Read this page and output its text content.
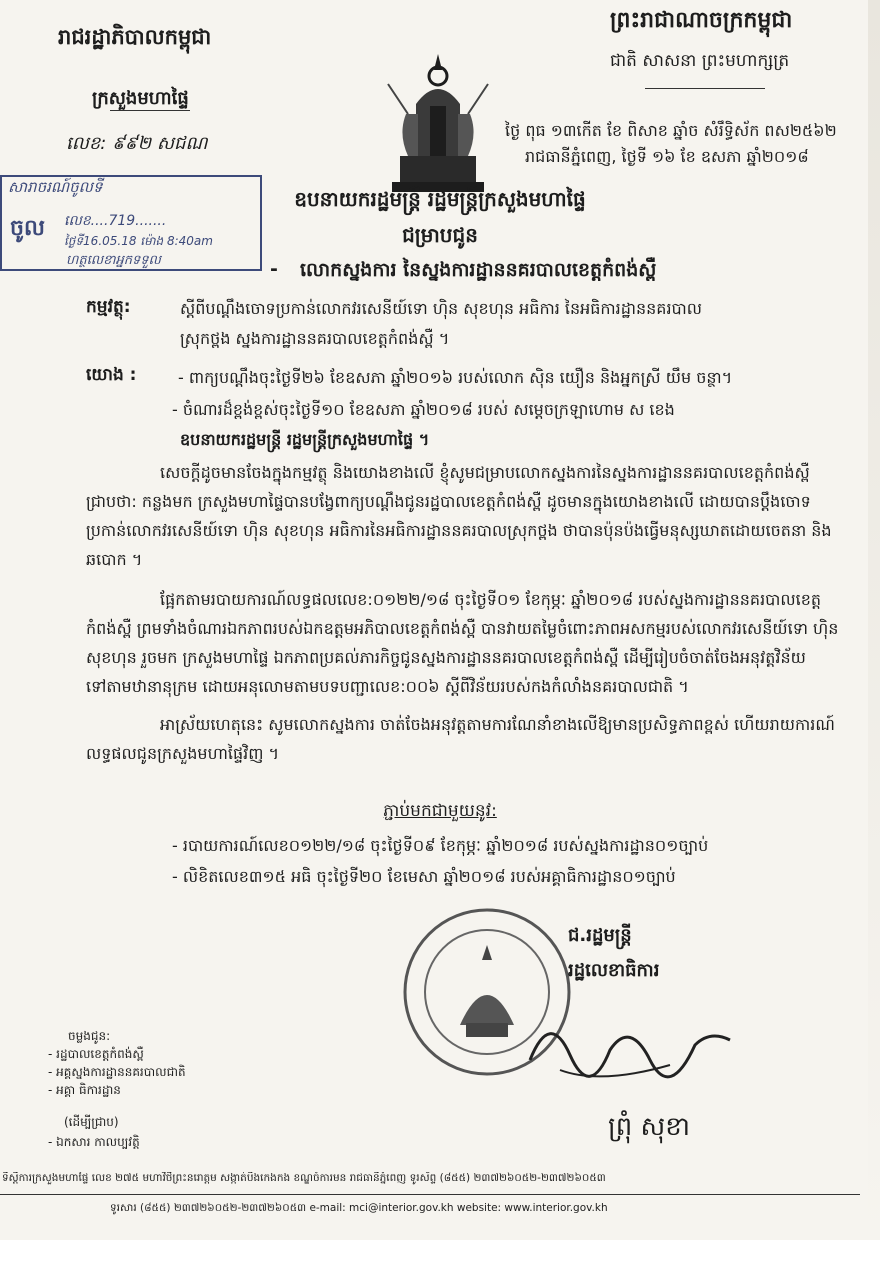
រាជរដ្ឋាភិបាលកម្ពុជា
ក្រសួងមហាផ្ទៃ
លេខ: ៩៩២ សជណ
ព្រះរាជាណាចក្រកម្ពុជា
ជាតិ សាសនា ព្រះមហាក្សត្រ
ថ្ងៃ ពុធ ១៣កើត ខែ ពិសាខ ឆ្នាំច សំរឹទ្ធិស័ក ពស២៥៦២
រាជធានីភ្នំពេញ, ថ្ងៃទី ១៦ ខែ ឧសភា ឆ្នាំ២០១៨
សារាចរណ៍ចូលទី
ចូល លេខ....719.......
ថ្ងៃទី16.05.18 ម៉ោង 8:40am
ហត្ថលេខាអ្នកទទួល
ឧបនាយករដ្ឋមន្ត្រី រដ្ឋមន្ត្រីក្រសួងមហាផ្ទៃ
ជម្រាបជូន
- លោកស្នងការ នៃស្នងការដ្ឋាននគរបាលខេត្តកំពង់ស្ពឺ
កម្មវត្ថុ:	ស្តីពីបណ្តឹងចោទប្រកាន់លោកវរសេនីយ៍ទោ ហ៊ិន សុខហុន អធិការ នៃអធិការដ្ឋាននគរបាល
ស្រុកថ្ពង ស្នងការដ្ឋាននគរបាលខេត្តកំពង់ស្ពឺ ។
យោង :	- ពាក្យបណ្តឹងចុះថ្ងៃទី២៦ ខែឧសភា ឆ្នាំ២០១៦ របស់លោក ស៊ិន យឿន និងអ្នកស្រី យឹម ចន្ថា។
- ចំណារដ៏ខ្ពង់ខ្ពស់ចុះថ្ងៃទី១០ ខែឧសភា ឆ្នាំ២០១៨ របស់ សម្តេចក្រឡាហោម ស ខេង
ឧបនាយករដ្ឋមន្ត្រី រដ្ឋមន្ត្រីក្រសួងមហាផ្ទៃ ។
សេចក្តីដូចមានចែងក្នុងកម្មវត្ថុ និងយោងខាងលើ ខ្ញុំសូមជម្រាបលោកស្នងការនៃស្នងការដ្ឋាននគរបាលខេត្តកំពង់ស្ពឺជ្រាបថា: កន្លងមក ក្រសួងមហាផ្ទៃបានបង្វែពាក្យបណ្តឹងជូនរដ្ឋបាលខេត្តកំពង់ស្ពឺ ដូចមានក្នុងយោងខាងលើ ដោយបានប្តឹងចោទប្រកាន់លោកវរសេនីយ៍ទោ ហ៊ិន សុខហុន អធិការនៃអធិការដ្ឋាននគរបាលស្រុកថ្ពង ថាបានប៉ុនប៉ងធ្វើមនុស្សឃាតដោយចេតនា និងឆបោក ។
ផ្អែកតាមរបាយការណ៍លទ្ធផលលេខ:០១២២/១៨ ចុះថ្ងៃទី០១ ខែកុម្ភៈ ឆ្នាំ២០១៨ របស់ស្នងការដ្ឋាននគរបាលខេត្តកំពង់ស្ពឺ ព្រមទាំងចំណារឯកភាពរបស់ឯកឧត្តមអភិបាលខេត្តកំពង់ស្ពឺ បានវាយតម្លៃចំពោះភាពអសកម្មរបស់លោកវរសេនីយ៍ទោ ហ៊ិន សុខហុន រួចមក ក្រសួងមហាផ្ទៃ ឯកភាពប្រគល់ភារកិច្ចជូនស្នងការដ្ឋាននគរបាលខេត្តកំពង់ស្ពឺ ដើម្បីរៀបចំចាត់ចែងអនុវត្តវិន័យទៅតាមឋានានុក្រម ដោយអនុលោមតាមបទបញ្ជាលេខ:០០៦ ស្តីពីវិន័យរបស់កងកំលាំងនគរបាលជាតិ ។
អាស្រ័យហេតុនេះ សូមលោកស្នងការ ចាត់ចែងអនុវត្តតាមការណែនាំខាងលើឱ្យមានប្រសិទ្ធភាពខ្ពស់ ហើយរាយការណ៍លទ្ធផលជូនក្រសួងមហាផ្ទៃវិញ ។
ភ្ជាប់មកជាមួយនូវ:
- របាយការណ៍លេខ០១២២/១៨ ចុះថ្ងៃទី០៩ ខែកុម្ភៈ ឆ្នាំ២០១៨ របស់ស្នងការដ្ឋាន០១ច្បាប់
- លិខិតលេខ៣១៥ អធិ ចុះថ្ងៃទី២០ ខែមេសា ឆ្នាំ២០១៨ របស់អគ្គាធិការដ្ឋាន០១ច្បាប់
ជ.រដ្ឋមន្ត្រី
រដ្ឋលេខាធិការ
ព្រុំ សុខា
ចម្លងជូន:
- រដ្ឋបាលខេត្តកំពង់ស្ពឺ
- អគ្គស្នងការដ្ឋាននគរបាលជាតិ
- អគ្គា ធិការដ្ឋាន
(ដើម្បីជ្រាប)
- ឯកសារ កាលប្បវត្តិ
ទីស្តីការក្រសួងមហាផ្ទៃ លេខ ២៧៥ មហាវិថីព្រះនរោត្តម សង្កាត់បឹងកេងកង ខណ្ឌចំការមន រាជធានីភ្នំពេញ ទូរស័ព្ទ (៨៥៥) ២៣៧២៦០៥២-២៣៧២៦០៥៣
ទូរសារ (៨៥៥) ២៣៧២៦០៥២-២៣៧២៦០៥៣ e-mail: mci@interior.gov.kh website: www.interior.gov.kh
